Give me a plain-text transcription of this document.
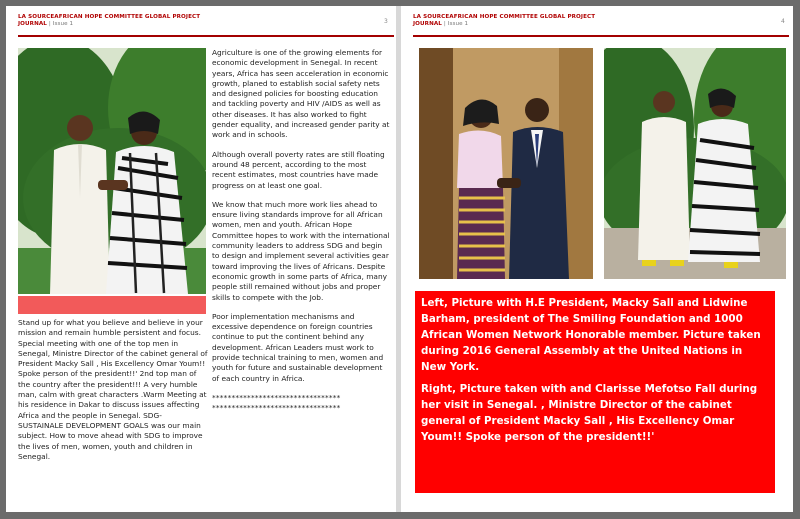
LA SOURCEAFRICAN HOPE COMMITTEE GLOBAL PROJECT
JOURNAL | Issue 1	3

Stand up for what you believe and believe in your mission and remain humble persistent and focus.

Special meeting with one of the top men in Senegal, Ministre Director of the cabinet general of President Macky Sall , His Excellency Omar Youm!! Spoke person of the president!!' 2nd top man of the country after the president!!! A very humble man, calm with great characters .Warm Meeting at his residence in Dakar to discuss issues affecting Africa and the people in Senegal. SDG- SUSTAINALE DEVELOPMENT GOALS was our main subject. How to move ahead with SDG to improve the lives of men, women, youth and children in Senegal.

Agriculture is one of the growing elements for economic development in Senegal. In recent years, Africa has seen acceleration in economic growth, planed to establish social safety nets and designed policies for boosting education and tackling poverty and HIV /AIDS as well as other diseases. It has also worked to fight gender equality, and increased gender parity at work and in schools.

Although overall poverty rates are still floating around 48 percent, according to the most recent estimates, most countries have made progress on at least one goal.

We know that much more work lies ahead to ensure living standards improve for all African women, men and youth. African Hope Committee hopes to work with the international community leaders to address SDG and begin to design and implement several activities gear toward improving the lives of Africans. Despite economic growth in some parts of Africa, many people still remained without jobs and proper skills to compete with the Job.

Poor implementation mechanisms and excessive dependence on foreign countries continue to put the continent behind any development. African Leaders must work to provide technical training to men, women and youth for future and sustainable development of each country in Africa.

*********************************
*********************************
LA SOURCEAFRICAN HOPE COMMITTEE GLOBAL PROJECT
JOURNAL | Issue 1	4

Left, Picture with H.E President, Macky Sall and Lidwine Barham, president of The Smiling Foundation and 1000 African Women Network Honorable member. Picture taken during 2016 General Assembly at the United Nations in New York.

Right, Picture taken with and Clarisse Mefotso Fall during her visit in Senegal. , Ministre Director of the cabinet general of President Macky Sall , His Excellency Omar Youm!! Spoke person of the president!!'
